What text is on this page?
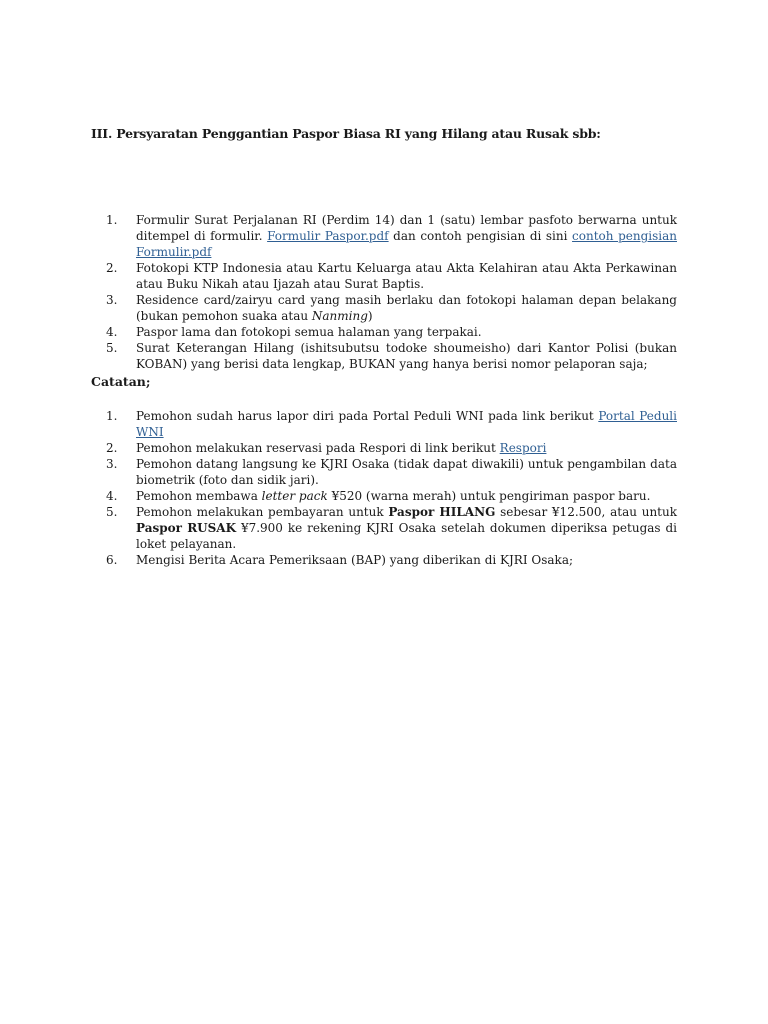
III. Persyaratan Penggantian Paspor Biasa RI yang Hilang atau Rusak sbb:
1.	Formulir Surat Perjalanan RI (Perdim 14) dan 1 (satu) lembar pasfoto berwarna untuk ditempel di formulir. Formulir Paspor.pdf dan contoh pengisian di sini contoh pengisian Formulir.pdf
2.	Fotokopi KTP Indonesia atau Kartu Keluarga atau Akta Kelahiran atau Akta Perkawinan atau Buku Nikah atau Ijazah atau Surat Baptis.
3.	Residence card/zairyu card yang masih berlaku dan fotokopi halaman depan belakang (bukan pemohon suaka atau Nanming)
4.	Paspor lama dan fotokopi semua halaman yang terpakai.
5.	Surat Keterangan Hilang (ishitsubutsu todoke shoumeisho) dari Kantor Polisi (bukan KOBAN) yang berisi data lengkap, BUKAN yang hanya berisi nomor pelaporan saja;
Catatan;
1.	Pemohon sudah harus lapor diri pada Portal Peduli WNI pada link berikut Portal Peduli WNI
2.	Pemohon melakukan reservasi pada Respori di link berikut Respori
3.	Pemohon datang langsung ke KJRI Osaka (tidak dapat diwakili) untuk pengambilan data biometrik (foto dan sidik jari).
4.	Pemohon membawa letter pack ¥520 (warna merah) untuk pengiriman paspor baru.
5.	Pemohon melakukan pembayaran untuk Paspor HILANG sebesar ¥12.500, atau untuk Paspor RUSAK ¥7.900 ke rekening KJRI Osaka setelah dokumen diperiksa petugas di loket pelayanan.
6.	Mengisi Berita Acara Pemeriksaan (BAP) yang diberikan di KJRI Osaka;
